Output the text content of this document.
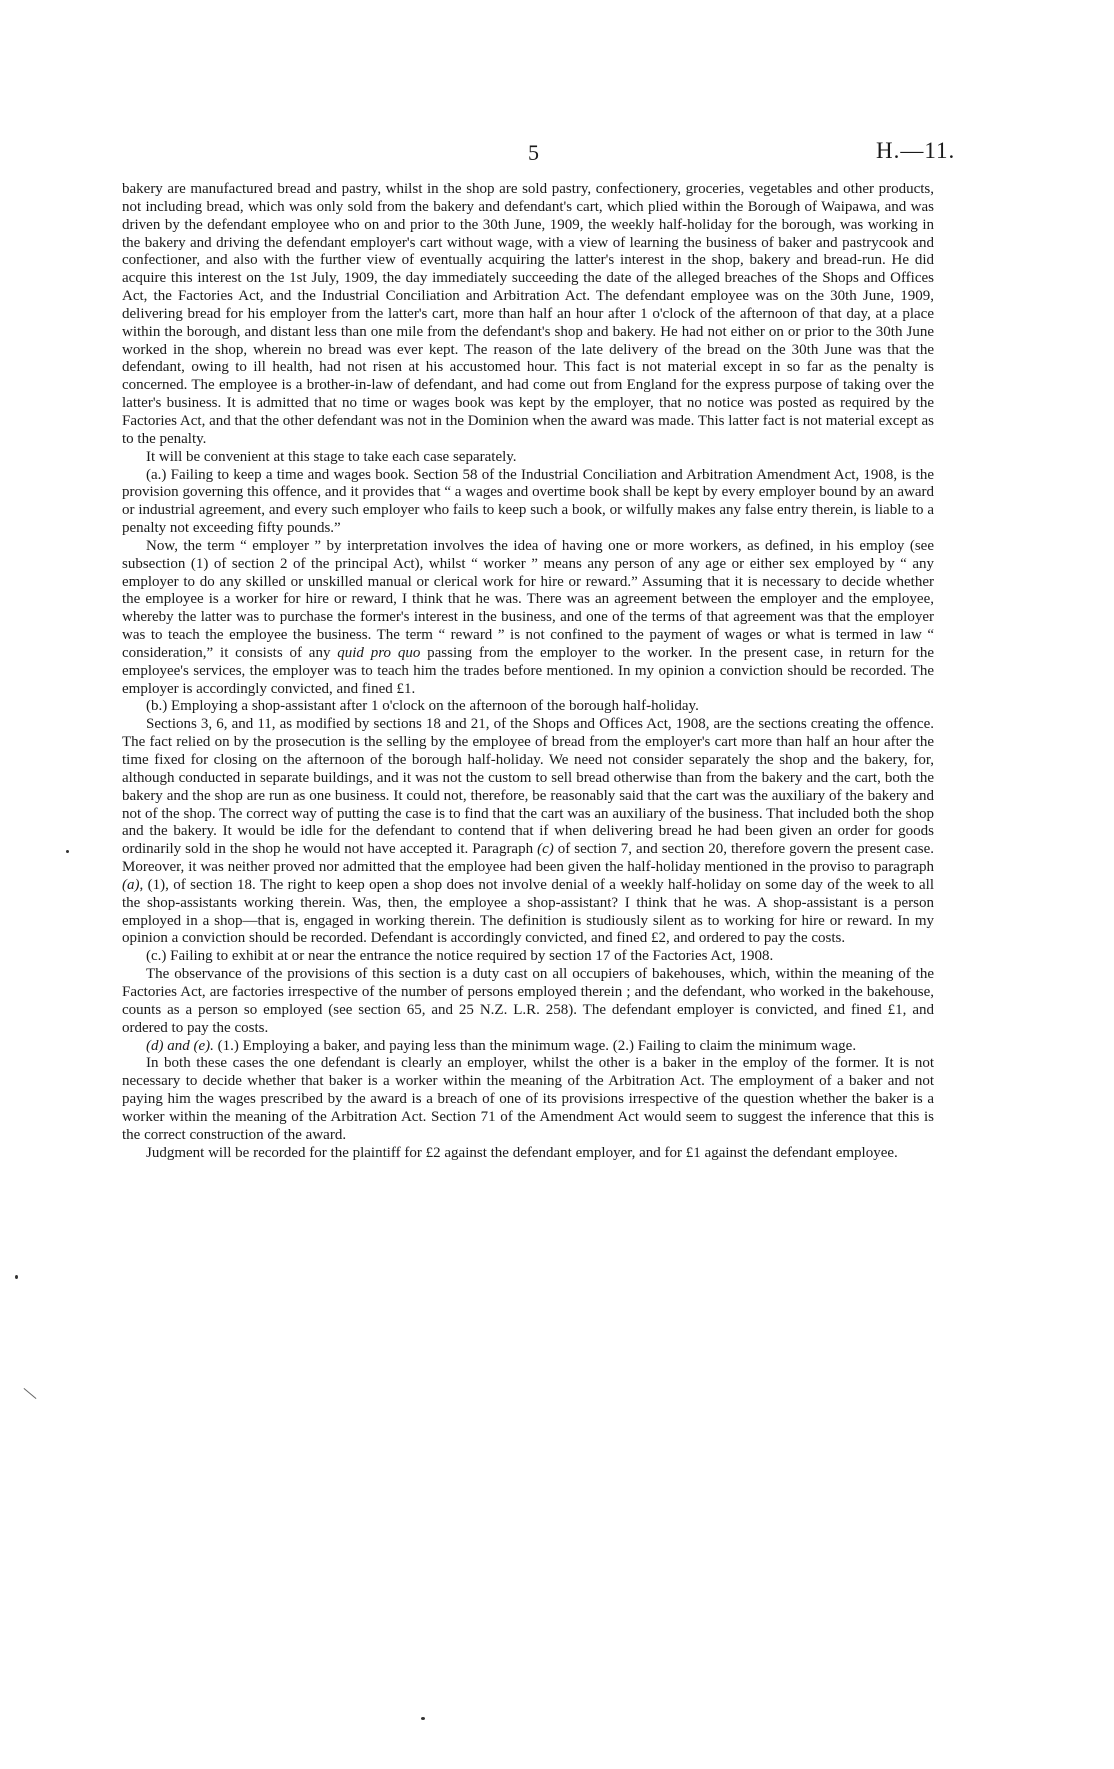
5	H.—11.

bakery are manufactured bread and pastry, whilst in the shop are sold pastry, confectionery, groceries, vegetables and other products, not including bread, which was only sold from the bakery and defendant's cart, which plied within the Borough of Waipawa, and was driven by the defendant employee who on and prior to the 30th June, 1909, the weekly half-holiday for the borough, was working in the bakery and driving the defendant employer's cart without wage, with a view of learning the business of baker and pastrycook and confectioner, and also with the further view of eventually acquiring the latter's interest in the shop, bakery and bread-run. He did acquire this interest on the 1st July, 1909, the day immediately succeeding the date of the alleged breaches of the Shops and Offices Act, the Factories Act, and the Industrial Conciliation and Arbitration Act. The defendant employee was on the 30th June, 1909, delivering bread for his employer from the latter's cart, more than half an hour after 1 o'clock of the afternoon of that day, at a place within the borough, and distant less than one mile from the defendant's shop and bakery. He had not either on or prior to the 30th June worked in the shop, wherein no bread was ever kept. The reason of the late delivery of the bread on the 30th June was that the defendant, owing to ill health, had not risen at his accustomed hour. This fact is not material except in so far as the penalty is concerned. The employee is a brother-in-law of defendant, and had come out from England for the express purpose of taking over the latter's business. It is admitted that no time or wages book was kept by the employer, that no notice was posted as required by the Factories Act, and that the other defendant was not in the Dominion when the award was made. This latter fact is not material except as to the penalty.

It will be convenient at this stage to take each case separately.

(a.) Failing to keep a time and wages book. Section 58 of the Industrial Conciliation and Arbitration Amendment Act, 1908, is the provision governing this offence, and it provides that “ a wages and overtime book shall be kept by every employer bound by an award or industrial agreement, and every such employer who fails to keep such a book, or wilfully makes any false entry therein, is liable to a penalty not exceeding fifty pounds.”

Now, the term “ employer ” by interpretation involves the idea of having one or more workers, as defined, in his employ (see subsection (1) of section 2 of the principal Act), whilst “ worker ” means any person of any age or either sex employed by “ any employer to do any skilled or unskilled manual or clerical work for hire or reward.” Assuming that it is necessary to decide whether the employee is a worker for hire or reward, I think that he was. There was an agreement between the employer and the employee, whereby the latter was to purchase the former's interest in the business, and one of the terms of that agreement was that the employer was to teach the employee the business. The term “ reward ” is not confined to the payment of wages or what is termed in law “ consideration,” it consists of any quid pro quo passing from the employer to the worker. In the present case, in return for the employee's services, the employer was to teach him the trades before mentioned. In my opinion a conviction should be recorded. The employer is accordingly convicted, and fined £1.

(b.) Employing a shop-assistant after 1 o'clock on the afternoon of the borough half-holiday.

Sections 3, 6, and 11, as modified by sections 18 and 21, of the Shops and Offices Act, 1908, are the sections creating the offence. The fact relied on by the prosecution is the selling by the employee of bread from the employer's cart more than half an hour after the time fixed for closing on the afternoon of the borough half-holiday. We need not consider separately the shop and the bakery, for, although conducted in separate buildings, and it was not the custom to sell bread otherwise than from the bakery and the cart, both the bakery and the shop are run as one business. It could not, therefore, be reasonably said that the cart was the auxiliary of the bakery and not of the shop. The correct way of putting the case is to find that the cart was an auxiliary of the business. That included both the shop and the bakery. It would be idle for the defendant to contend that if when delivering bread he had been given an order for goods ordinarily sold in the shop he would not have accepted it. Paragraph (c) of section 7, and section 20, therefore govern the present case. Moreover, it was neither proved nor admitted that the employee had been given the half-holiday mentioned in the proviso to paragraph (a), (1), of section 18. The right to keep open a shop does not involve denial of a weekly half-holiday on some day of the week to all the shop-assistants working therein. Was, then, the employee a shop-assistant? I think that he was. A shop-assistant is a person employed in a shop—that is, engaged in working therein. The definition is studiously silent as to working for hire or reward. In my opinion a conviction should be recorded. Defendant is accordingly convicted, and fined £2, and ordered to pay the costs.

(c.) Failing to exhibit at or near the entrance the notice required by section 17 of the Factories Act, 1908.

The observance of the provisions of this section is a duty cast on all occupiers of bakehouses, which, within the meaning of the Factories Act, are factories irrespective of the number of persons employed therein ; and the defendant, who worked in the bakehouse, counts as a person so employed (see section 65, and 25 N.Z. L.R. 258). The defendant employer is convicted, and fined £1, and ordered to pay the costs.

(d) and (e). (1.) Employing a baker, and paying less than the minimum wage. (2.) Failing to claim the minimum wage.

In both these cases the one defendant is clearly an employer, whilst the other is a baker in the employ of the former. It is not necessary to decide whether that baker is a worker within the meaning of the Arbitration Act. The employment of a baker and not paying him the wages prescribed by the award is a breach of one of its provisions irrespective of the question whether the baker is a worker within the meaning of the Arbitration Act. Section 71 of the Amendment Act would seem to suggest the inference that this is the correct construction of the award.

Judgment will be recorded for the plaintiff for £2 against the defendant employer, and for £1 against the defendant employee.
